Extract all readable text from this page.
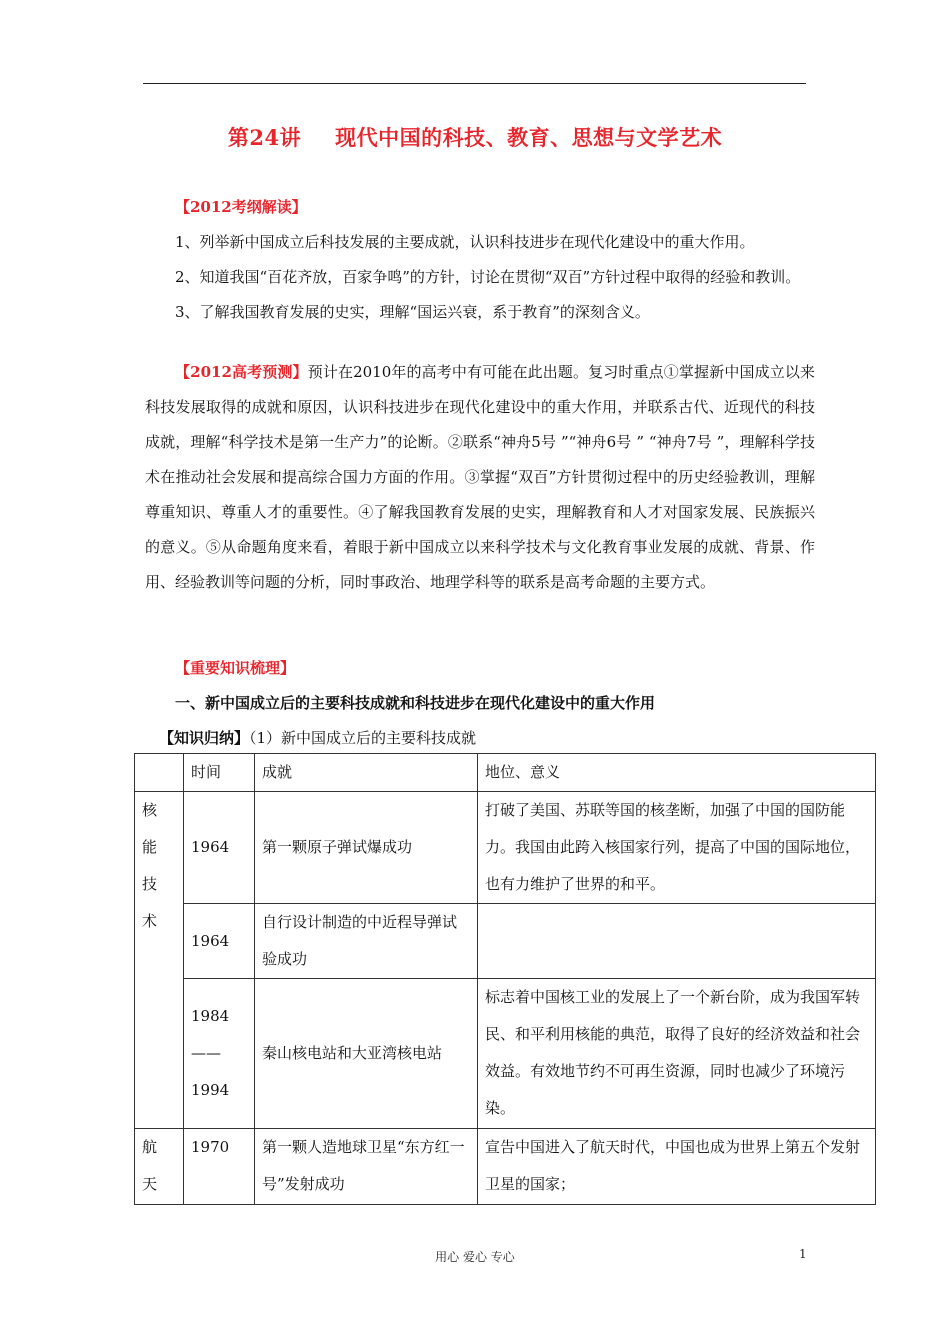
第24讲 现代中国的科技、教育、思想与文学艺术

【2012考纲解读】

1、列举新中国成立后科技发展的主要成就，认识科技进步在现代化建设中的重大作用。

2、知道我国“百花齐放，百家争鸣”的方针，讨论在贯彻“双百”方针过程中取得的经验和教训。

3、了解我国教育发展的史实，理解“国运兴衰，系于教育”的深刻含义。

【2012高考预测】预计在2010年的高考中有可能在此出题。复习时重点①掌握新中国成立以来科技发展取得的成就和原因，认识科技进步在现代化建设中的重大作用，并联系古代、近现代的科技成就，理解“科学技术是第一生产力”的论断。②联系“神舟5号 ”“神舟6号 ” “神舟7号 ”，理解科学技术在推动社会发展和提高综合国力方面的作用。③掌握“双百”方针贯彻过程中的历史经验教训，理解尊重知识、尊重人才的重要性。④了解我国教育发展的史实，理解教育和人才对国家发展、民族振兴的意义。⑤从命题角度来看，着眼于新中国成立以来科学技术与文化教育事业发展的成就、背景、作用、经验教训等问题的分析，同时事政治、地理学科等的联系是高考命题的主要方式。

【重要知识梳理】

一、新中国成立后的主要科技成就和科技进步在现代化建设中的重大作用

【知识归纳】（1）新中国成立后的主要科技成就

	时间	成就	地位、意义

核
能
技
术	1964	第一颗原子弹试爆成功	打破了美国、苏联等国的核垄断，加强了中国的国防能力。我国由此跨入核国家行列，提高了中国的国际地位，也有力维护了世界的和平。
	1964	自行设计制造的中近程导弹试验成功	

	1984
——
1994	秦山核电站和大亚湾核电站	标志着中国核工业的发展上了一个新台阶，成为我国军转民、和平利用核能的典范，取得了良好的经济效益和社会效益。有效地节约不可再生资源，同时也减少了环境污染。

航
天	1970	第一颗人造地球卫星“东方红一号”发射成功	宣告中国进入了航天时代，中国也成为世界上第五个发射卫星的国家；
用心 爱心 专心	1
